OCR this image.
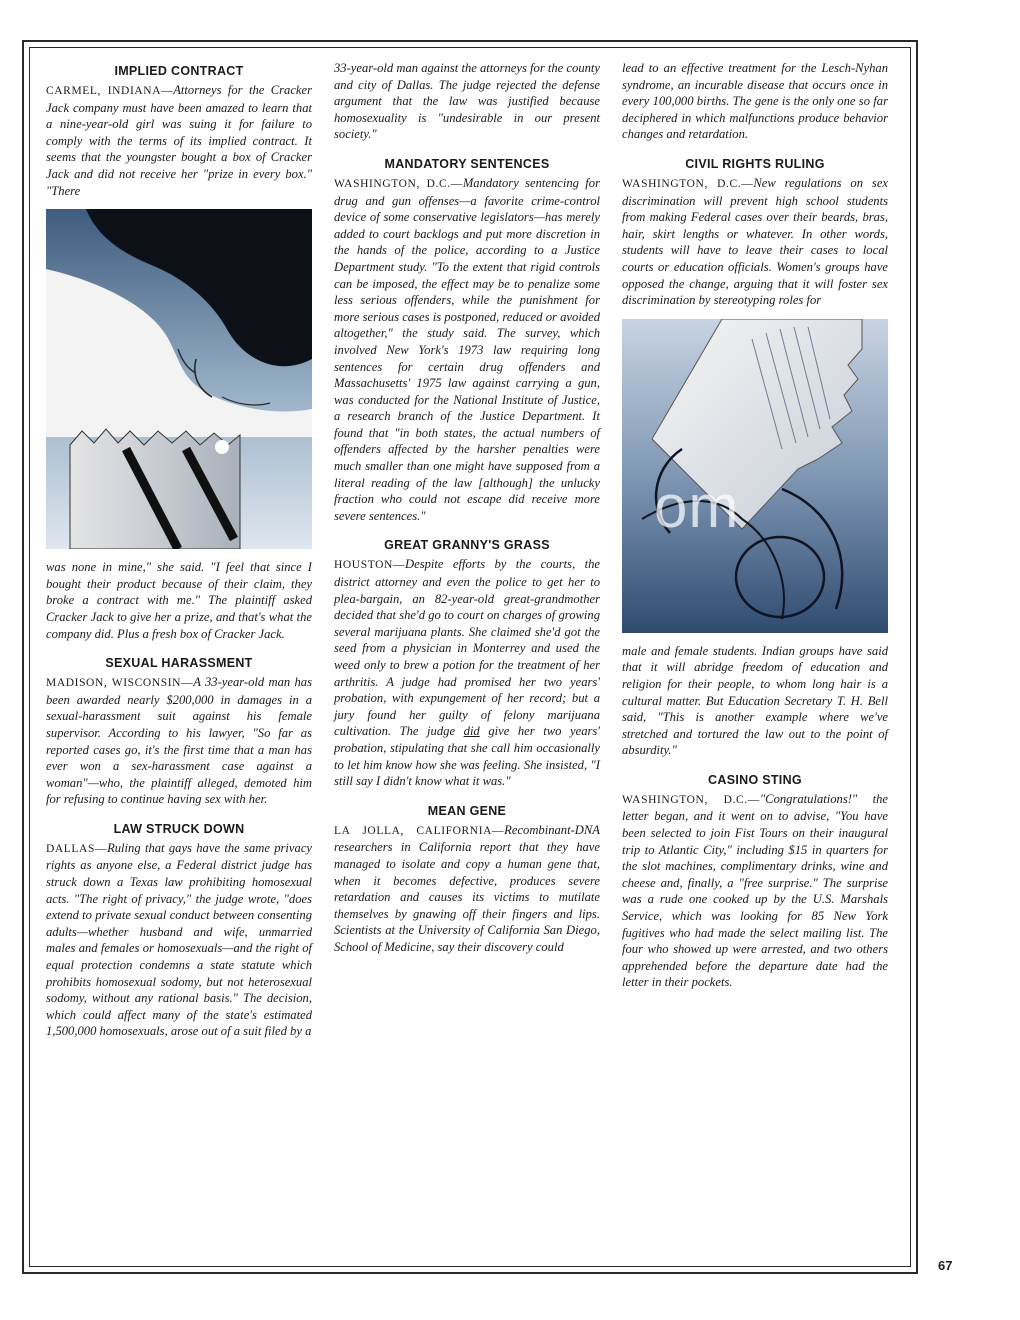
IMPLIED CONTRACT

CARMEL, INDIANA—Attorneys for the Cracker Jack company must have been amazed to learn that a nine-year-old girl was suing it for failure to comply with the terms of its implied contract. It seems that the youngster bought a box of Cracker Jack and did not receive her "prize in every box." "There

was none in mine," she said. "I feel that since I bought their product because of their claim, they broke a contract with me." The plaintiff asked Cracker Jack to give her a prize, and that's what the company did. Plus a fresh box of Cracker Jack.

SEXUAL HARASSMENT

MADISON, WISCONSIN—A 33-year-old man has been awarded nearly $200,000 in damages in a sexual-harassment suit against his female supervisor. According to his lawyer, "So far as reported cases go, it's the first time that a man has ever won a sex-harassment case against a woman"—who, the plaintiff alleged, demoted him for refusing to continue having sex with her.

LAW STRUCK DOWN

DALLAS—Ruling that gays have the same privacy rights as anyone else, a Federal district judge has struck down a Texas law prohibiting homosexual acts. "The right of privacy," the judge wrote, "does extend to private sexual conduct between consenting adults—whether husband and wife, unmarried males and females or homosexuals—and the right of equal protection condemns a state statute which prohibits homosexual sodomy, but not heterosexual sodomy, without any rational basis." The decision, which could affect many of the state's estimated 1,500,000 homosexuals, arose out of a suit filed by a

33-year-old man against the attorneys for the county and city of Dallas. The judge rejected the defense argument that the law was justified because homosexuality is "undesirable in our present society."

MANDATORY SENTENCES

WASHINGTON, D.C.—Mandatory sentencing for drug and gun offenses—a favorite crime-control device of some conservative legislators—has merely added to court backlogs and put more discretion in the hands of the police, according to a Justice Department study. "To the extent that rigid controls can be imposed, the effect may be to penalize some less serious offenders, while the punishment for more serious cases is postponed, reduced or avoided altogether," the study said. The survey, which involved New York's 1973 law requiring long sentences for certain drug offenders and Massachusetts' 1975 law against carrying a gun, was conducted for the National Institute of Justice, a research branch of the Justice Department. It found that "in both states, the actual numbers of offenders affected by the harsher penalties were much smaller than one might have supposed from a literal reading of the law [although] the unlucky fraction who could not escape did receive more severe sentences."

GREAT GRANNY'S GRASS

HOUSTON—Despite efforts by the courts, the district attorney and even the police to get her to plea-bargain, an 82-year-old great-grandmother decided that she'd go to court on charges of growing several marijuana plants. She claimed she'd got the seed from a physician in Monterrey and used the weed only to brew a potion for the treatment of her arthritis. A judge had promised her two years' probation, with expungement of her record; but a jury found her guilty of felony marijuana cultivation. The judge did give her two years' probation, stipulating that she call him occasionally to let him know how she was feeling. She insisted, "I still say I didn't know what it was."

MEAN GENE

LA JOLLA, CALIFORNIA—Recombinant-DNA researchers in California report that they have managed to isolate and copy a human gene that, when it becomes defective, produces severe retardation and causes its victims to mutilate themselves by gnawing off their fingers and lips. Scientists at the University of California San Diego, School of Medicine, say their discovery could

lead to an effective treatment for the Lesch-Nyhan syndrome, an incurable disease that occurs once in every 100,000 births. The gene is the only one so far deciphered in which malfunctions produce behavior changes and retardation.

CIVIL RIGHTS RULING

WASHINGTON, D.C.—New regulations on sex discrimination will prevent high school students from making Federal cases over their beards, bras, hair, skirt lengths or whatever. In other words, students will have to leave their cases to local courts or education officials. Women's groups have opposed the change, arguing that it will foster sex discrimination by stereotyping roles for

om

male and female students. Indian groups have said that it will abridge freedom of education and religion for their people, to whom long hair is a cultural matter. But Education Secretary T. H. Bell said, "This is another example where we've stretched and tortured the law out to the point of absurdity."

CASINO STING

WASHINGTON, D.C.—"Congratulations!" the letter began, and it went on to advise, "You have been selected to join Fist Tours on their inaugural trip to Atlantic City," including $15 in quarters for the slot machines, complimentary drinks, wine and cheese and, finally, a "free surprise." The surprise was a rude one cooked up by the U.S. Marshals Service, which was looking for 85 New York fugitives who had made the select mailing list. The four who showed up were arrested, and two others apprehended before the departure date had the letter in their pockets.

67
